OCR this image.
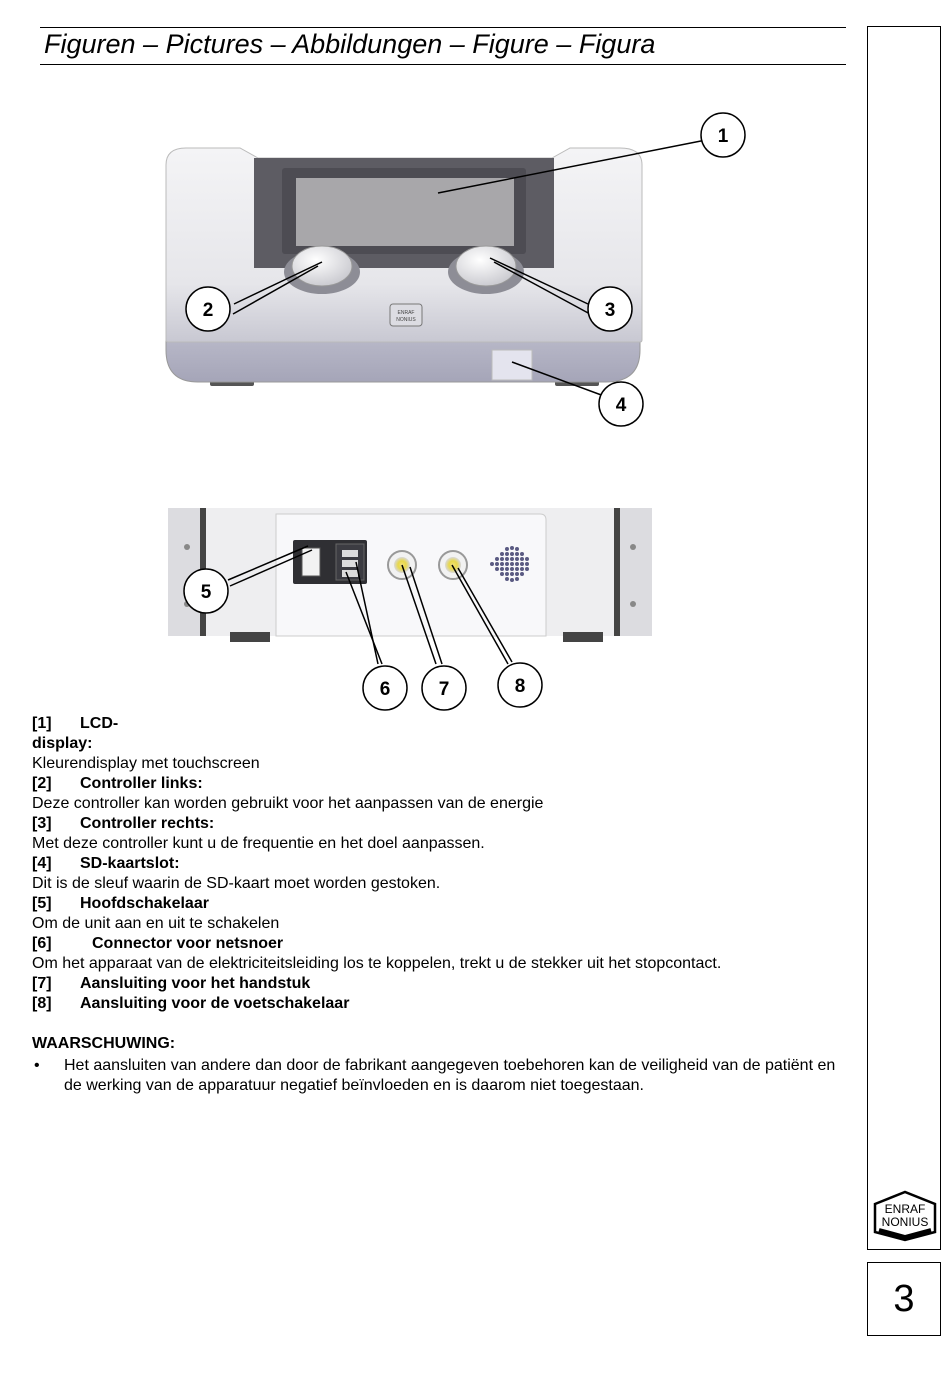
Figuren – Pictures – Abbildungen – Figure – Figura
ENRAF
NONIUS
3
ENRAF
NONIUS
1
2	3
4
5
6	7	8
[1] LCD-
display:
Kleurendisplay met touchscreen
[2] Controller links:
Deze controller kan worden gebruikt voor het aanpassen van de energie
[3] Controller rechts:
Met deze controller kunt u de frequentie en het doel aanpassen.
[4] SD-kaartslot:
Dit is de sleuf waarin de SD-kaart moet worden gestoken.
[5] Hoofdschakelaar
Om de unit aan en uit te schakelen
[6]	Connector voor netsnoer
Om het apparaat van de elektriciteitsleiding los te koppelen, trekt u de stekker uit het stopcontact.
[7] Aansluiting voor het handstuk
[8] Aansluiting voor de voetschakelaar
WAARSCHUWING:
• Het aansluiten van andere dan door de fabrikant aangegeven toebehoren kan de veiligheid van de patiënt en de werking van de apparatuur negatief beïnvloeden en is daarom niet toegestaan.
